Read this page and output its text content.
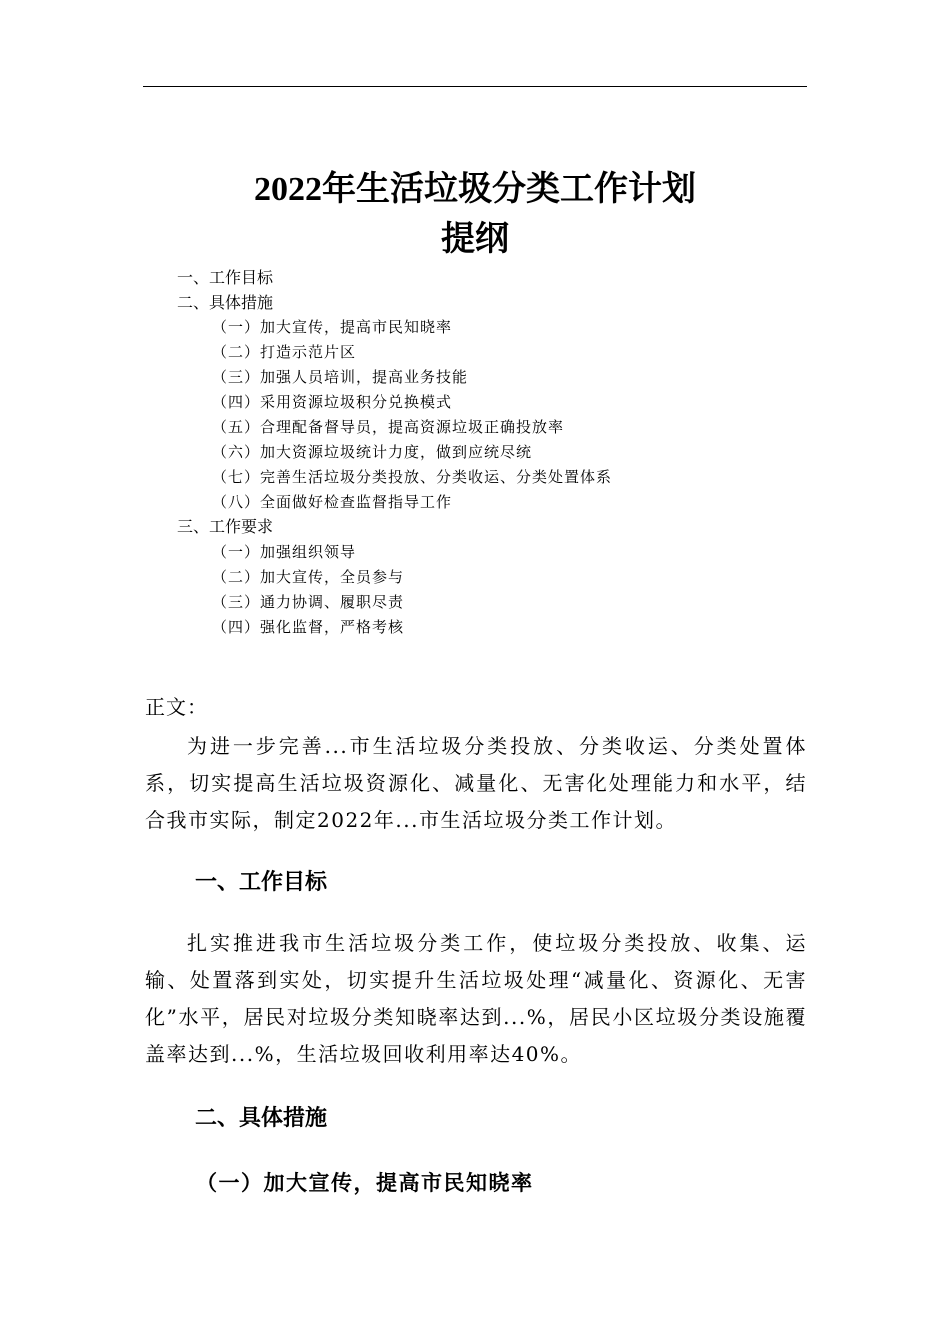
2022年生活垃圾分类工作计划
提纲
一、工作目标
二、具体措施
（一）加大宣传，提高市民知晓率
（二）打造示范片区
（三）加强人员培训，提高业务技能
（四）采用资源垃圾积分兑换模式
（五）合理配备督导员，提高资源垃圾正确投放率
（六）加大资源垃圾统计力度，做到应统尽统
（七）完善生活垃圾分类投放、分类收运、分类处置体系
（八）全面做好检查监督指导工作
三、工作要求
（一）加强组织领导
（二）加大宣传，全员参与
（三）通力协调、履职尽责
（四）强化监督，严格考核
正文：
为进一步完善...市生活垃圾分类投放、分类收运、分类处置体系，切实提高生活垃圾资源化、减量化、无害化处理能力和水平，结合我市实际，制定2022年...市生活垃圾分类工作计划。
一、工作目标
扎实推进我市生活垃圾分类工作，使垃圾分类投放、收集、运输、处置落到实处，切实提升生活垃圾处理“减量化、资源化、无害化”水平，居民对垃圾分类知晓率达到...%，居民小区垃圾分类设施覆盖率达到...%，生活垃圾回收利用率达40%。
二、具体措施
（一）加大宣传，提高市民知晓率
